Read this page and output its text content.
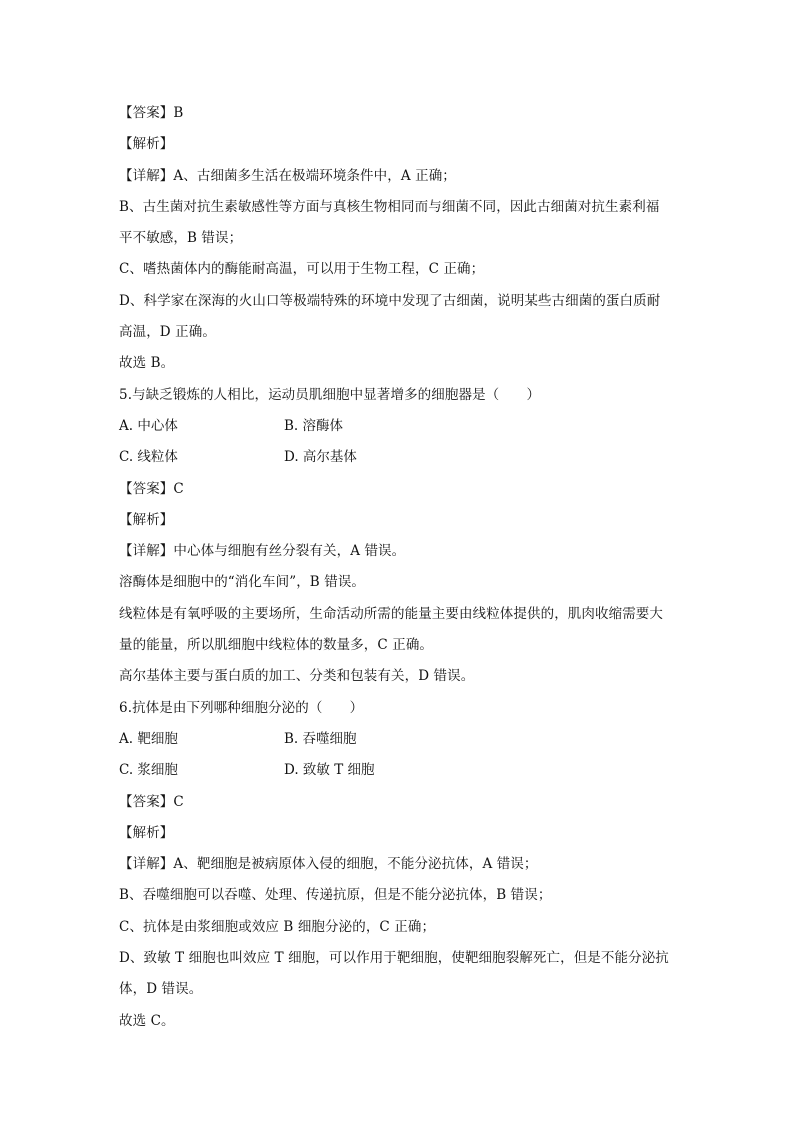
【答案】B
【解析】
【详解】A、古细菌多生活在极端环境条件中，A 正确；
B、古生菌对抗生素敏感性等方面与真核生物相同而与细菌不同，因此古细菌对抗生素利福
平不敏感，B 错误；
C、嗜热菌体内的酶能耐高温，可以用于生物工程，C 正确；
D、科学家在深海的火山口等极端特殊的环境中发现了古细菌，说明某些古细菌的蛋白质耐
高温，D 正确。
故选 B。
5.与缺乏锻炼的人相比，运动员肌细胞中显著增多的细胞器是（　　）
A. 中心体	B. 溶酶体
C. 线粒体	D. 高尔基体
【答案】C
【解析】
【详解】中心体与细胞有丝分裂有关，A 错误。
溶酶体是细胞中的“消化车间”，B 错误。
线粒体是有氧呼吸的主要场所，生命活动所需的能量主要由线粒体提供的，肌肉收缩需要大
量的能量，所以肌细胞中线粒体的数量多，C 正确。
高尔基体主要与蛋白质的加工、分类和包装有关，D 错误。
6.抗体是由下列哪种细胞分泌的（　　）
A. 靶细胞	B. 吞噬细胞
C. 浆细胞	D. 致敏 T 细胞
【答案】C
【解析】
【详解】A、靶细胞是被病原体入侵的细胞，不能分泌抗体，A 错误；
B、吞噬细胞可以吞噬、处理、传递抗原，但是不能分泌抗体，B 错误；
C、抗体是由浆细胞或效应 B 细胞分泌的，C 正确；
D、致敏 T 细胞也叫效应 T 细胞，可以作用于靶细胞，使靶细胞裂解死亡，但是不能分泌抗
体，D 错误。
故选 C。
